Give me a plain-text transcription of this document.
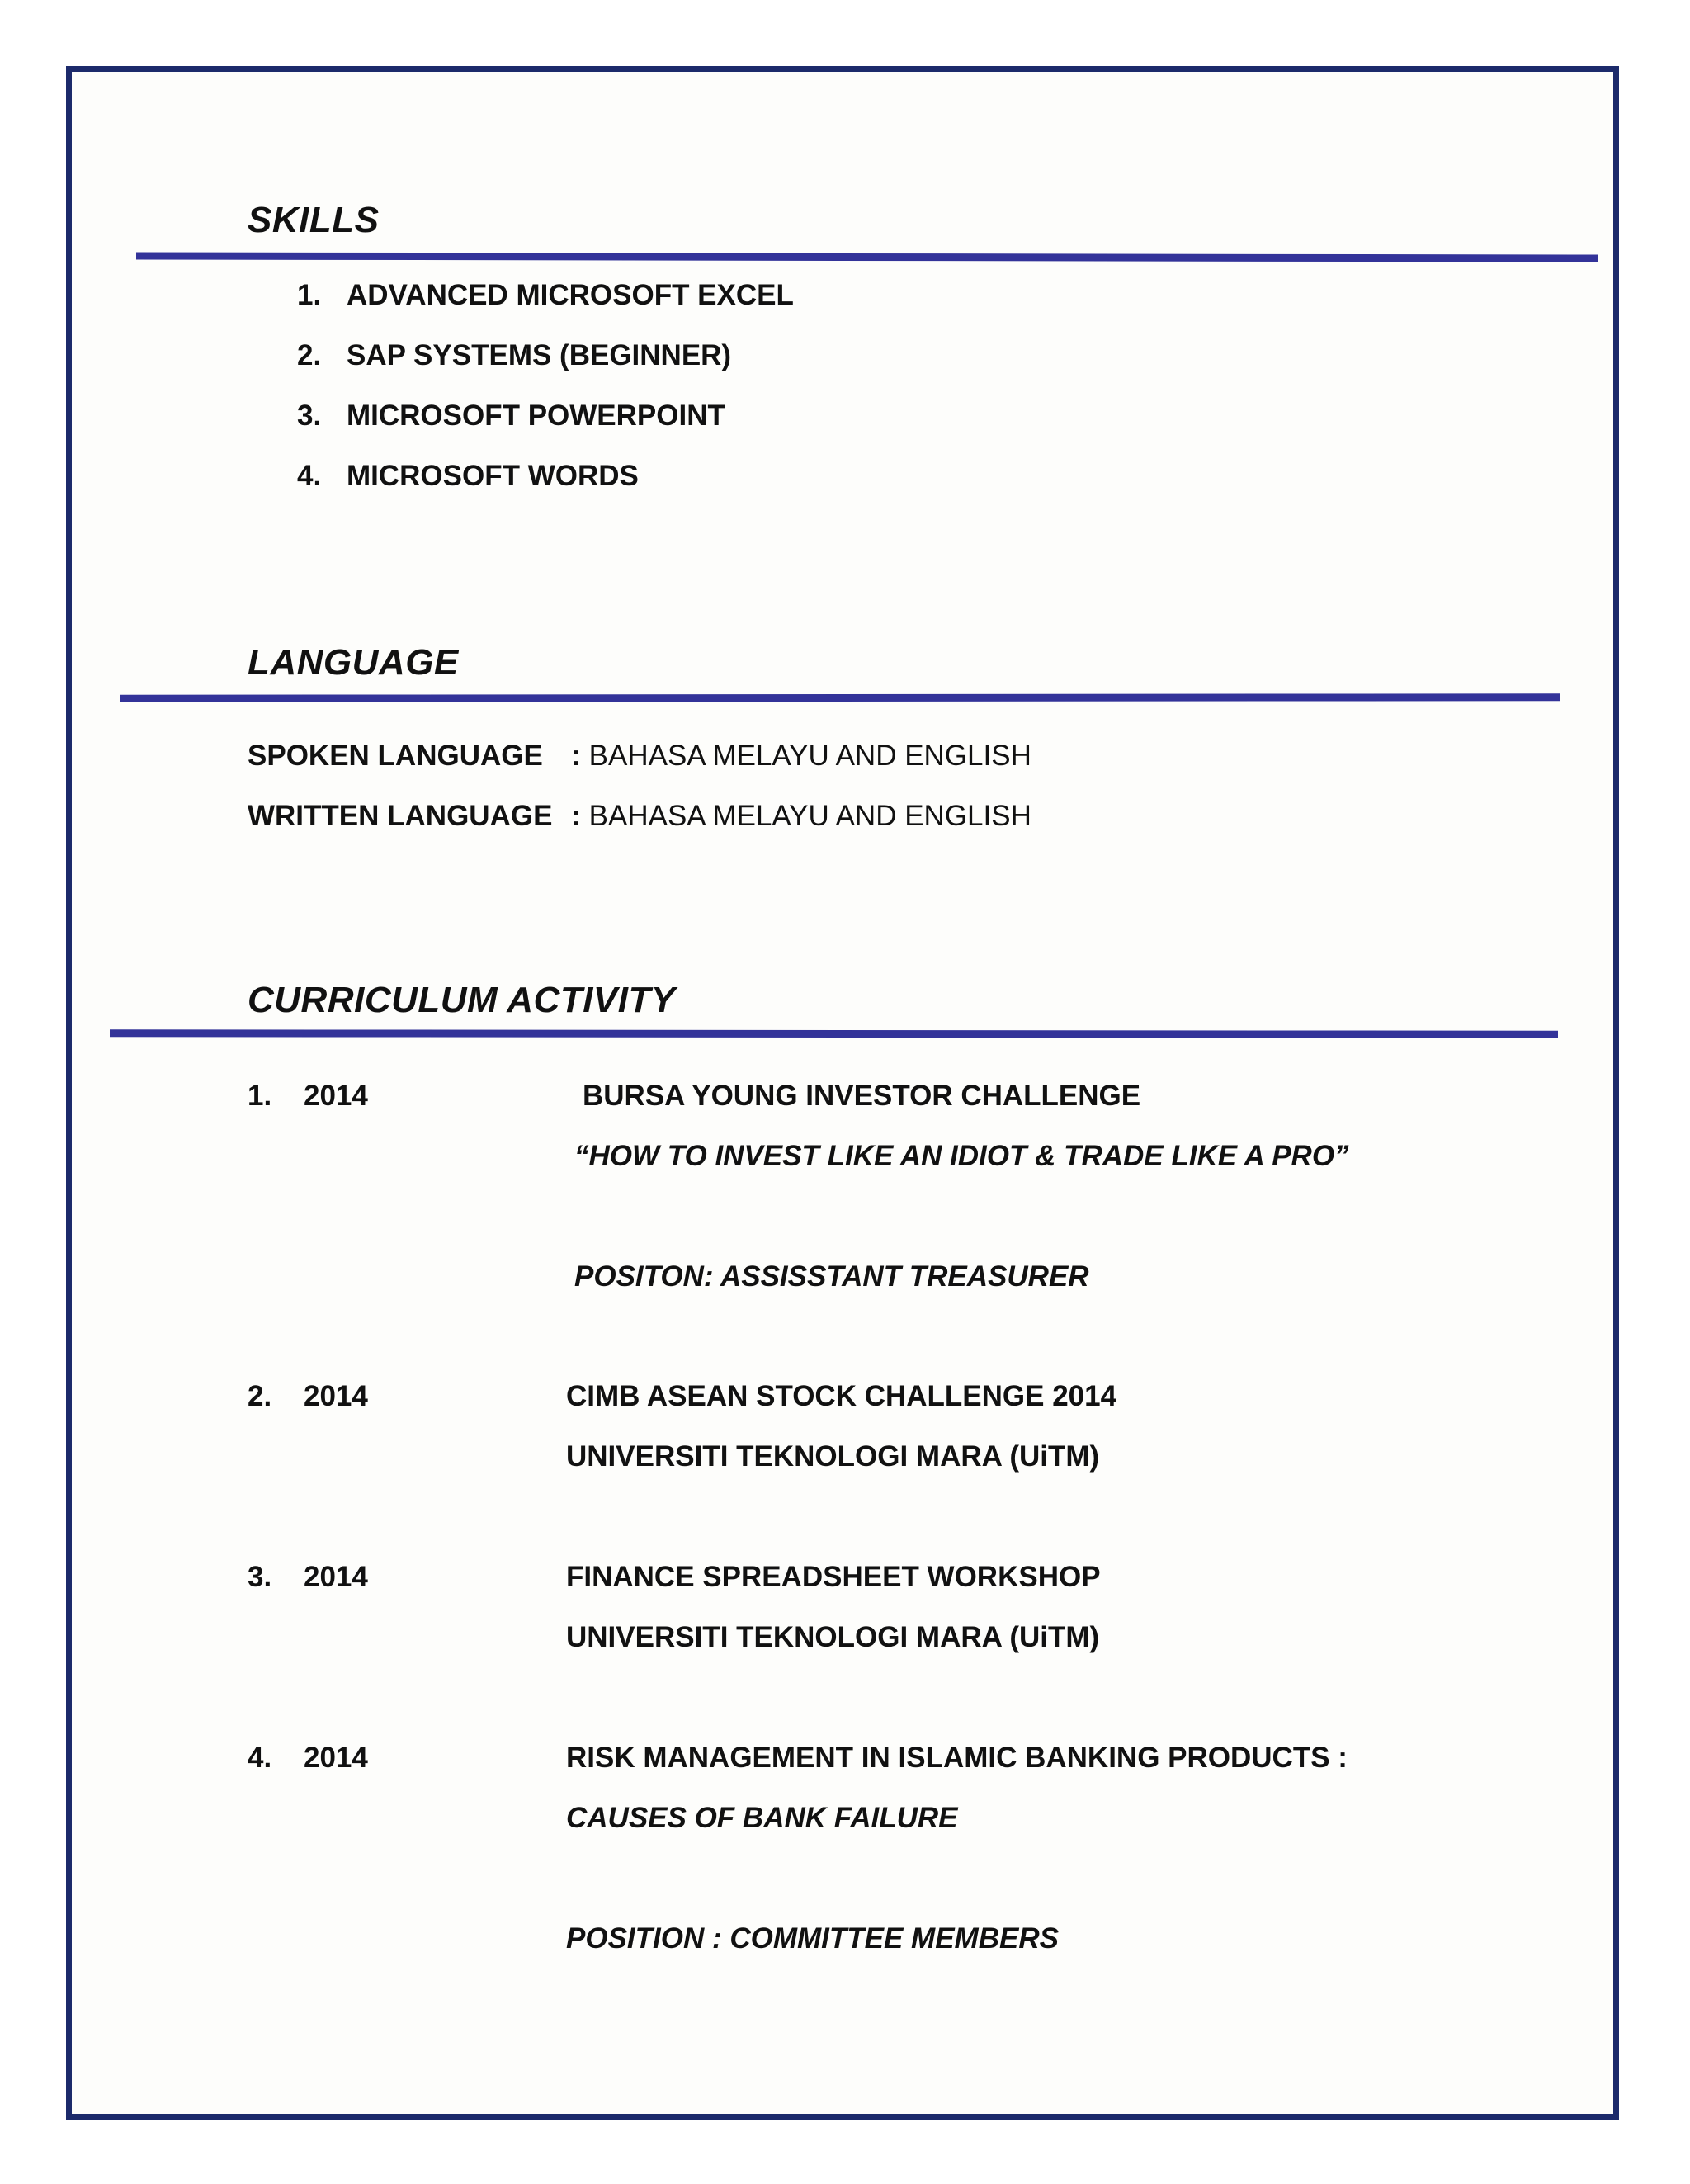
SKILLS
1. ADVANCED MICROSOFT EXCEL
2. SAP SYSTEMS (BEGINNER)
3. MICROSOFT POWERPOINT
4. MICROSOFT WORDS
LANGUAGE
SPOKEN LANGUAGE : BAHASA MELAYU AND ENGLISH
WRITTEN LANGUAGE : BAHASA MELAYU AND ENGLISH
CURRICULUM ACTIVITY
1. 2014	BURSA YOUNG INVESTOR CHALLENGE
“HOW TO INVEST LIKE AN IDIOT & TRADE LIKE A PRO”
POSITON: ASSISSTANT TREASURER
2. 2014	CIMB ASEAN STOCK CHALLENGE 2014
UNIVERSITI TEKNOLOGI MARA (UiTM)
3. 2014	FINANCE SPREADSHEET WORKSHOP
UNIVERSITI TEKNOLOGI MARA (UiTM)
4. 2014	RISK MANAGEMENT IN ISLAMIC BANKING PRODUCTS :
CAUSES OF BANK FAILURE
POSITION : COMMITTEE MEMBERS
